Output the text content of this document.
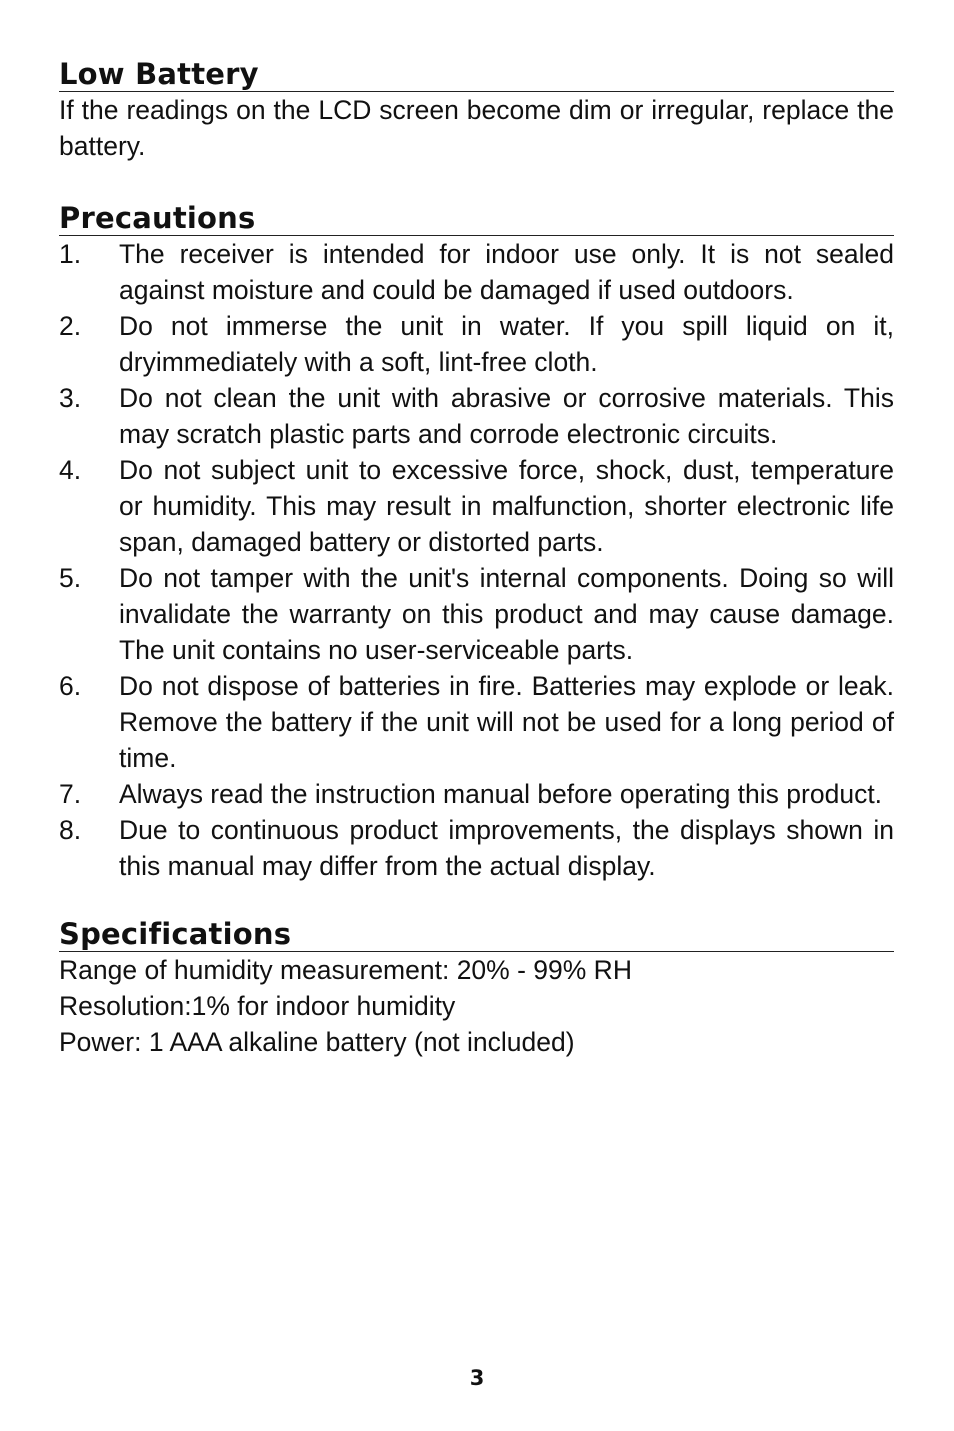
Low Battery

If the readings on the LCD screen become dim or irregular, replace the battery.

Precautions
1. The receiver is intended for indoor use only. It is not sealed against moisture and could be damaged if used outdoors.
2. Do not immerse the unit in water. If you spill liquid on it, dryimmediately with a soft, lint-free cloth.
3. Do not clean the unit with abrasive or corrosive materials. This may scratch plastic parts and corrode electronic circuits.
4. Do not subject unit to excessive force, shock, dust, temperature or humidity. This may result in malfunction, shorter electronic life span, damaged battery or distorted parts.
5. Do not tamper with the unit's internal components. Doing so will invalidate the warranty on this product and may cause damage. The unit contains no user-serviceable parts.
6. Do not dispose of batteries in fire. Batteries may explode or leak. Remove the battery if the unit will not be used for a long period of time.
7. Always read the instruction manual before operating this product.
8. Due to continuous product improvements, the displays shown in this manual may differ from the actual display.
Specifications
Range of humidity measurement: 20% - 99% RH
Resolution:1% for indoor humidity
Power: 1 AAA alkaline battery (not included)
3
